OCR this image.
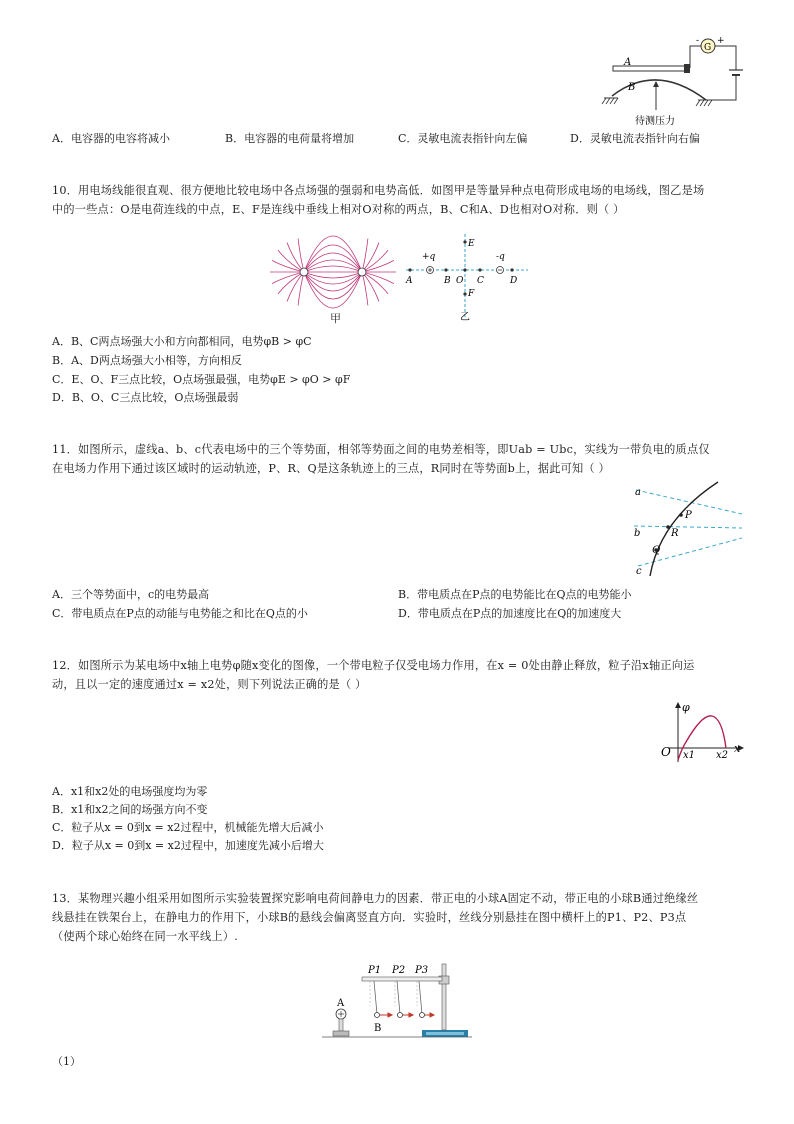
A
G
- +
B
待测压力
A．电容器的电容将减小	B．电容器的电荷量将增加	C．灵敏电流表指针向左偏	D．灵敏电流表指针向右偏
10．用电场线能很直观、很方便地比较电场中各点场强的强弱和电势高低．如图甲是等量异种点电荷形成电场的电场线，图乙是场
中的一些点：O是电荷连线的中点，E、F是连线中垂线上相对O对称的两点，B、C和A、D也相对O对称．则（ ）
甲
+q	-q
A	B O C	D
E
F
乙
A．B、C两点场强大小和方向都相同，电势φB > φC
B．A、D两点场强大小相等，方向相反
C．E、O、F三点比较，O点场强最强，电势φE > φO > φF
D．B、O、C三点比较，O点场强最弱
11．如图所示，虚线a、b、c代表电场中的三个等势面，相邻等势面之间的电势差相等，即Uab = Ubc，实线为一带负电的质点仅
在电场力作用下通过该区域时的运动轨迹，P、R、Q是这条轨迹上的三点，R同时在等势面b上，据此可知（ ）
a
b
c
P
R
Q
A．三个等势面中，c的电势最高	B．带电质点在P点的电势能比在Q点的电势能小
C．带电质点在P点的动能与电势能之和比在Q点的小	D．带电质点在P点的加速度比在Q的加速度大
12．如图所示为某电场中x轴上电势φ随x变化的图像，一个带电粒子仅受电场力作用，在x = 0处由静止释放，粒子沿x轴正向运
动，且以一定的速度通过x = x2处，则下列说法正确的是（ ）
φ
O x1 x2
x
A．x1和x2处的电场强度均为零
B．x1和x2之间的场强方向不变
C．粒子从x = 0到x = x2过程中，机械能先增大后减小
D．粒子从x = 0到x = x2过程中，加速度先减小后增大
13．某物理兴趣小组采用如图所示实验装置探究影响电荷间静电力的因素．带正电的小球A固定不动，带正电的小球B通过绝缘丝
线悬挂在铁架台上，在静电力的作用下，小球B的悬线会偏离竖直方向．实验时，丝线分别悬挂在图中横杆上的P1、P2、P3点
（使两个球心始终在同一水平线上）.
A
B
P1 P2 P3
（1）
